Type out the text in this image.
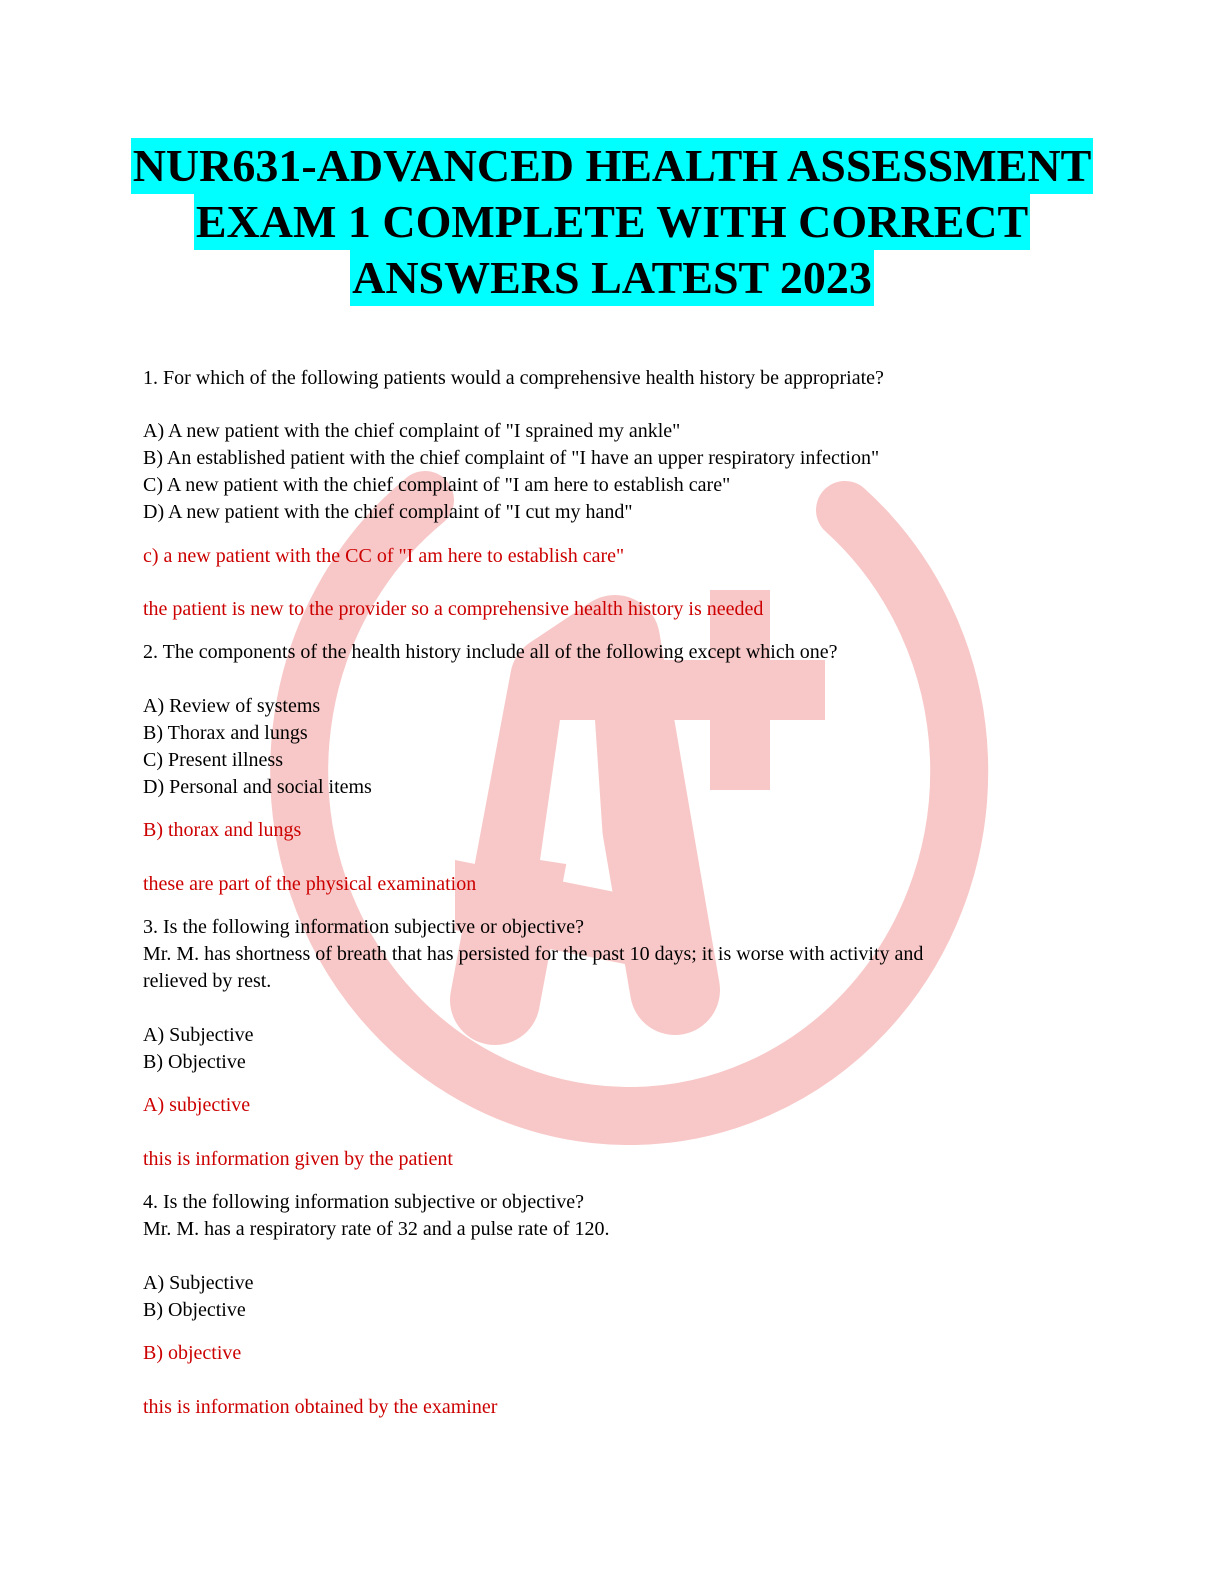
NUR631-ADVANCED HEALTH ASSESSMENT
EXAM 1 COMPLETE WITH CORRECT
ANSWERS LATEST 2023
1. For which of the following patients would a comprehensive health history be appropriate?
A) A new patient with the chief complaint of "I sprained my ankle"
B) An established patient with the chief complaint of "I have an upper respiratory infection"
C) A new patient with the chief complaint of "I am here to establish care"
D) A new patient with the chief complaint of "I cut my hand"
c) a new patient with the CC of "I am here to establish care"
the patient is new to the provider so a comprehensive health history is needed
2. The components of the health history include all of the following except which one?
A) Review of systems
B) Thorax and lungs
C) Present illness
D) Personal and social items
B) thorax and lungs
these are part of the physical examination
3. Is the following information subjective or objective?
Mr. M. has shortness of breath that has persisted for the past 10 days; it is worse with activity and
relieved by rest.
A) Subjective
B) Objective
A) subjective
this is information given by the patient
4. Is the following information subjective or objective?
Mr. M. has a respiratory rate of 32 and a pulse rate of 120.
A) Subjective
B) Objective
B) objective
this is information obtained by the examiner
